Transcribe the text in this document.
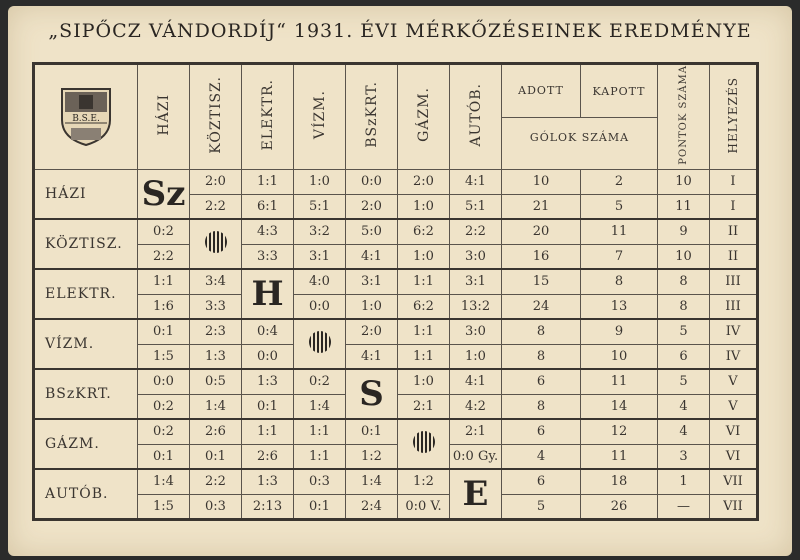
„SIPŐCZ VÁNDORDÍJ“ 1931. ÉVI MÉRKŐZÉSEINEK EREDMÉNYE
B.S.E.	HÁZI	KÖZTISZ.	ELEKTR.	VÍZM.	BSzKRT.	GÁZM.	AUTÓB.	ADOTT KAPOTT
GÓLOK SZÁMA		PONTOK SZÁMA	HELYEZÉS
HÁZI	Sz	2:0	1:1	1:0	0:0	2:0	4:1	10	2	10	I
		2:2	6:1	5:1	2:0	1:0	5:1	21	5	11	I
KÖZTISZ.	0:2		4:3	3:2	5:0	6:2	2:2	20	11	9	II
	2:2		3:3	3:1	4:1	1:0	3:0	16	7	10	II
ELEKTR.	1:1	3:4	H	4:0	3:1	1:1	3:1	15	8	8	III
	1:6	3:3		0:0	1:0	6:2	13:2	24	13	8	III
VÍZM.	0:1	2:3	0:4		2:0	1:1	3:0	8	9	5	IV
	1:5	1:3	0:0		4:1	1:1	1:0	8	10	6	IV
BSzKRT.	0:0	0:5	1:3	0:2	S	1:0	4:1	6	11	5	V
	0:2	1:4	0:1	1:4		2:1	4:2	8	14	4	V
GÁZM.	0:2	2:6	1:1	1:1	0:1		2:1	6	12	4	VI
	0:1	0:1	2:6	1:1	1:2		0:0 Gy.	4	11	3	VI
AUTÓB.	1:4	2:2	1:3	0:3	1:4	1:2	E	6	18	1	VII
	1:5	0:3	2:13	0:1	2:4	0:0 V.		5	26	—	VII
